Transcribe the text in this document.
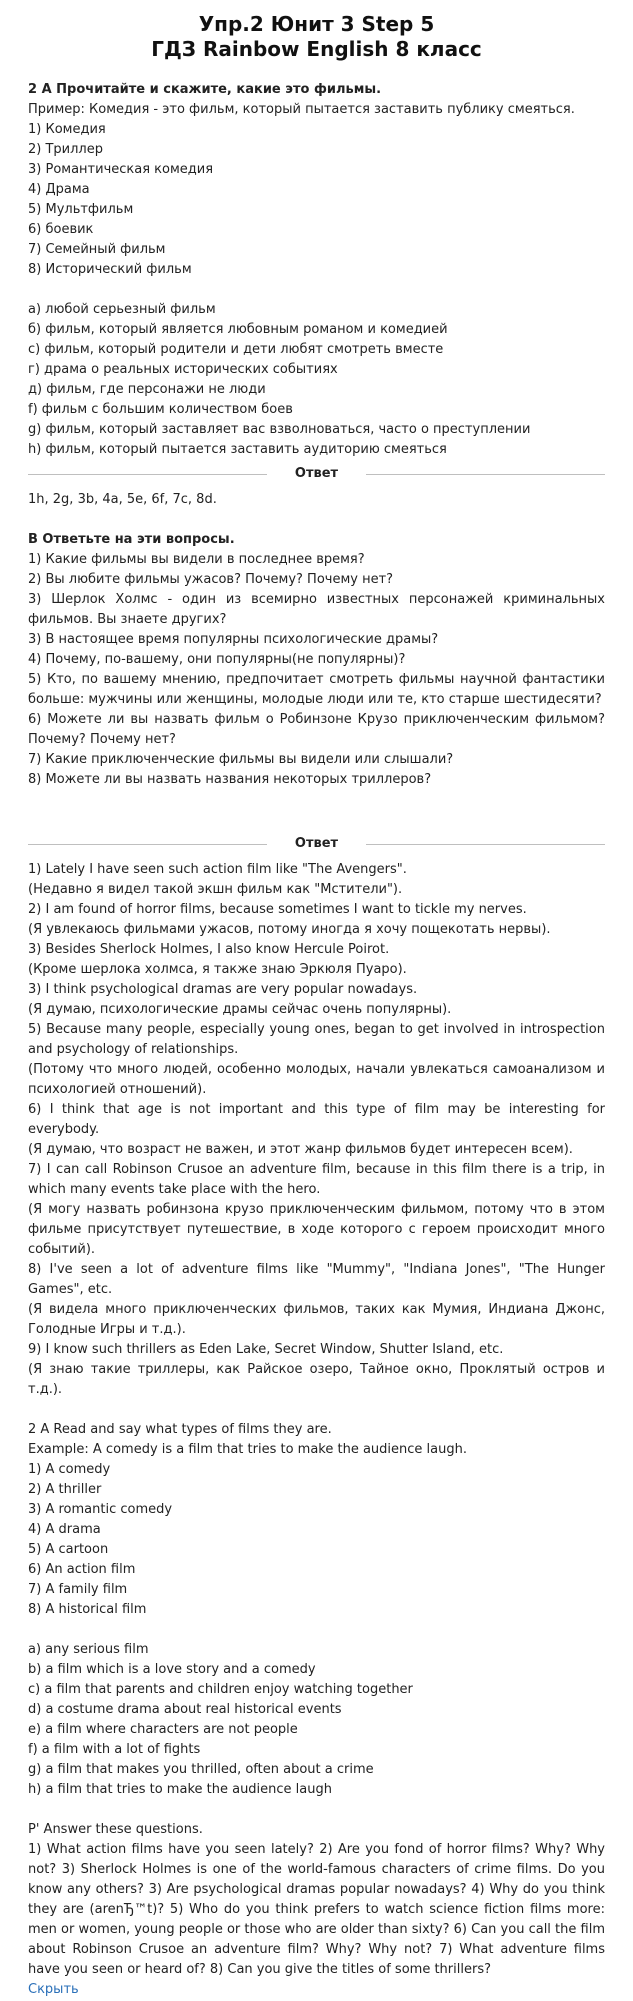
Упр.2 Юнит 3 Step 5
ГДЗ Rainbow English 8 класс

2 A Прочитайте и скажите, какие это фильмы.

Пример: Комедия - это фильм, который пытается заставить публику смеяться.

1) Комедия

2) Триллер

3) Романтическая комедия

4) Драма

5) Мультфильм

6) боевик

7) Семейный фильм

8) Исторический фильм

а) любой серьезный фильм

б) фильм, который является любовным романом и комедией

с) фильм, который родители и дети любят смотреть вместе

г) драма о реальных исторических событиях

д) фильм, где персонажи не люди

f) фильм с большим количеством боев

g) фильм, который заставляет вас взволноваться, часто о преступлении

h) фильм, который пытается заставить аудиторию смеяться

Ответ

1h, 2g, 3b, 4a, 5e, 6f, 7c, 8d.

B Ответьте на эти вопросы.

1) Какие фильмы вы видели в последнее время?

2) Вы любите фильмы ужасов? Почему? Почему нет?

3) Шерлок Холмс - один из всемирно известных персонажей криминальных фильмов. Вы знаете других?

3) В настоящее время популярны психологические драмы?

4) Почему, по-вашему, они популярны(не популярны)?

5) Кто, по вашему мнению, предпочитает смотреть фильмы научной фантастики больше: мужчины или женщины, молодые люди или те, кто старше шестидесяти?

6) Можете ли вы назвать фильм о Робинзоне Крузо приключенческим фильмом? Почему? Почему нет?

7) Какие приключенческие фильмы вы видели или слышали?

8) Можете ли вы назвать названия некоторых триллеров?

Ответ

1) Lately I have seen such action film like "The Avengers".

(Недавно я видел такой экшн фильм как "Мстители").

2) I am found of horror films, because sometimes I want to tickle my nerves.

(Я увлекаюсь фильмами ужасов, потому иногда я хочу пощекотать нервы).

3) Besides Sherlock Holmes, I also know Hercule Poirot.

(Кроме шерлока холмса, я также знаю Эркюля Пуаро).

3) I think psychological dramas are very popular nowadays.

(Я думаю, психологические драмы сейчас очень популярны).

5) Because many people, especially young ones, began to get involved in introspection and psychology of relationships.

(Потому что много людей, особенно молодых, начали увлекаться самоанализом и психологией отношений).

6) I think that age is not important and this type of film may be interesting for everybody.

(Я думаю, что возраст не важен, и этот жанр фильмов будет интересен всем).

7) I can call Robinson Crusoe an adventure film, because in this film there is a trip, in which many events take place with the hero.

(Я могу назвать робинзона крузо приключенческим фильмом, потому что в этом фильме присутствует путешествие, в ходе которого с героем происходит много событий).

8) I've seen a lot of adventure films like "Mummy", "Indiana Jones", "The Hunger Games", etc.

(Я видела много приключенческих фильмов, таких как Мумия, Индиана Джонс, Голодные Игры и т.д.).

9) I know such thrillers as Eden Lake, Secret Window, Shutter Island, etc.

(Я знаю такие триллеры, как Райское озеро, Тайное окно, Проклятый остров и т.д.).

2 A Read and say what types of films they are.

Example: A comedy is a film that tries to make the audience laugh.

1) A comedy

2) A thriller

3) A romantic comedy

4) A drama

5) A cartoon

6) An action film

7) A family film

8) A historical film

a) any serious film

b) a film which is a love story and a comedy

c) a film that parents and children enjoy watching together

d) a costume drama about real historical events

e) a film where characters are not people

f) a film with a lot of fights

g) a film that makes you thrilled, often about a crime

h) a film that tries to make the audience laugh

Р' Answer these questions.

1) What action films have you seen lately? 2) Are you fond of horror films? Why? Why not? 3) Sherlock Holmes is one of the world-famous characters of crime films. Do you know any others? 3) Are psychological dramas popular nowadays? 4) Why do you think they are (arenЂ™t)? 5) Who do you think prefers to watch science fiction films more: men or women, young people or those who are older than sixty? 6) Can you call the film about Robinson Crusoe an adventure film? Why? Why not? 7) What adventure films have you seen or heard of? 8) Can you give the titles of some thrillers?

Скрыть
